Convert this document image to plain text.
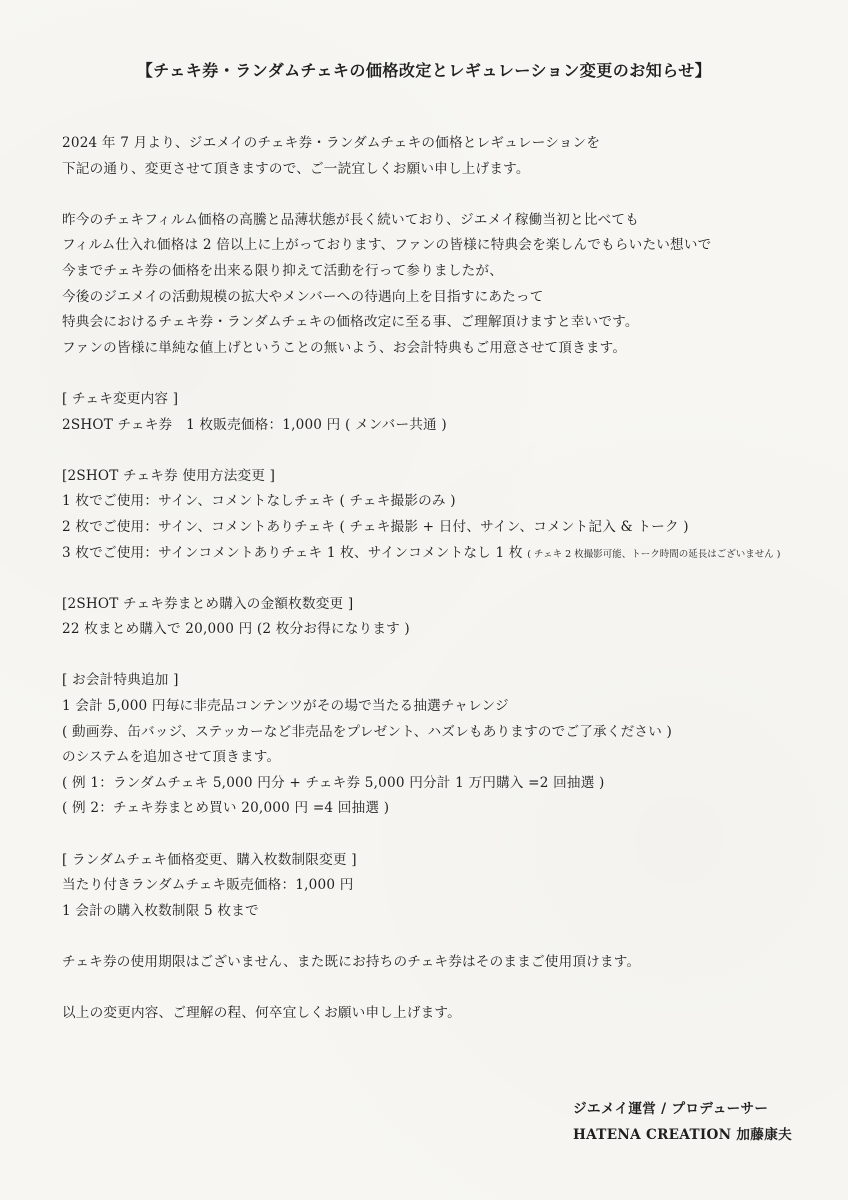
【チェキ券・ランダムチェキの価格改定とレギュレーション変更のお知らせ】
2024 年 7 月より、ジエメイのチェキ券・ランダムチェキの価格とレギュレーションを
下記の通り、変更させて頂きますので、ご一読宜しくお願い申し上げます。
昨今のチェキフィルム価格の高騰と品薄状態が長く続いており、ジエメイ稼働当初と比べても
フィルム仕入れ価格は 2 倍以上に上がっております、ファンの皆様に特典会を楽しんでもらいたい想いで
今までチェキ券の価格を出来る限り抑えて活動を行って参りましたが、
今後のジエメイの活動規模の拡大やメンバーへの待遇向上を目指すにあたって
特典会におけるチェキ券・ランダムチェキの価格改定に至る事、ご理解頂けますと幸いです。
ファンの皆様に単純な値上げということの無いよう、お会計特典もご用意させて頂きます。
[ チェキ変更内容 ]
2SHOT チェキ券　1 枚販売価格：1,000 円 ( メンバー共通 )
[2SHOT チェキ券 使用方法変更 ]
1 枚でご使用：サイン、コメントなしチェキ ( チェキ撮影のみ )
2 枚でご使用：サイン、コメントありチェキ ( チェキ撮影 + 日付、サイン、コメント記入 & トーク )
3 枚でご使用：サインコメントありチェキ 1 枚、サインコメントなし 1 枚 ( チェキ 2 枚撮影可能、トーク時間の延長はございません )
[2SHOT チェキ券まとめ購入の金額枚数変更 ]
22 枚まとめ購入で 20,000 円 (2 枚分お得になります )
[ お会計特典追加 ]
1 会計 5,000 円毎に非売品コンテンツがその場で当たる抽選チャレンジ
( 動画券、缶バッジ、ステッカーなど非売品をプレゼント、ハズレもありますのでご了承ください )
のシステムを追加させて頂きます。
( 例 1：ランダムチェキ 5,000 円分 + チェキ券 5,000 円分計 1 万円購入 =2 回抽選 )
( 例 2：チェキ券まとめ買い 20,000 円 =4 回抽選 )
[ ランダムチェキ価格変更、購入枚数制限変更 ]
当たり付きランダムチェキ販売価格：1,000 円
1 会計の購入枚数制限 5 枚まで
チェキ券の使用期限はございません、また既にお持ちのチェキ券はそのままご使用頂けます。
以上の変更内容、ご理解の程、何卒宜しくお願い申し上げます。
ジエメイ運営 / プロデューサー
HATENA CREATION 加藤康夫
